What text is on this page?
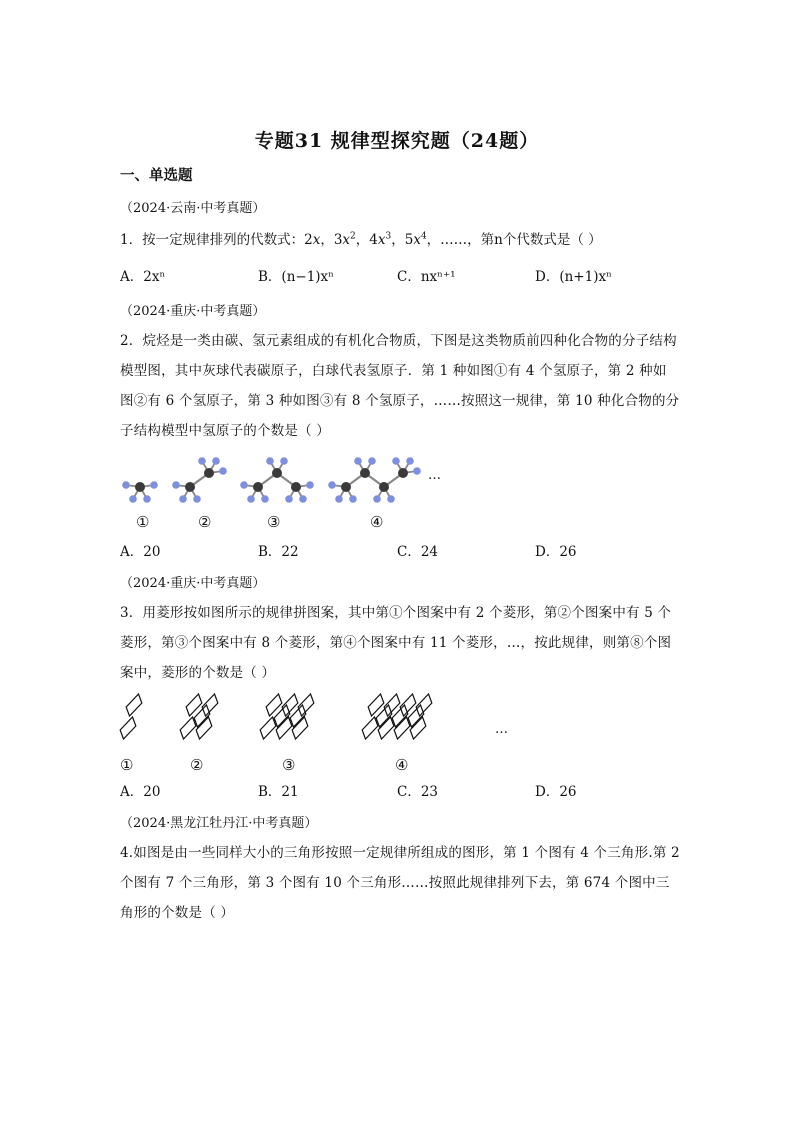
专题31 规律型探究题（24题）
一、单选题
（2024·云南·中考真题）
1．按一定规律排列的代数式：2x，$3x^2$，$4x^3$，$5x^4$，……，第n个代数式是（ ）
A．2xⁿ	B．(n−1)xⁿ	C．nxⁿ⁺¹	D．(n+1)xⁿ
（2024·重庆·中考真题）
2．烷烃是一类由碳、氢元素组成的有机化合物质，下图是这类物质前四种化合物的分子结构模型图，其中灰球代表碳原子，白球代表氢原子．第 1 种如图①有 4 个氢原子，第 2 种如图②有 6 个氢原子，第 3 种如图③有 8 个氢原子，……按照这一规律，第 10 种化合物的分子结构模型中氢原子的个数是（ ）
①	②	③	④
…
A．20	B．22	C．24	D．26
（2024·重庆·中考真题）
3．用菱形按如图所示的规律拼图案，其中第①个图案中有 2 个菱形，第②个图案中有 5 个菱形，第③个图案中有 8 个菱形，第④个图案中有 11 个菱形，…，按此规律，则第⑧个图案中，菱形的个数是（ ）
①	②	③	④
…
A．20	B．21	C．23	D．26
（2024·黑龙江牡丹江·中考真题）
4.如图是由一些同样大小的三角形按照一定规律所组成的图形，第 1 个图有 4 个三角形.第 2 个图有 7 个三角形，第 3 个图有 10 个三角形……按照此规律排列下去，第 674 个图中三角形的个数是（ ）
